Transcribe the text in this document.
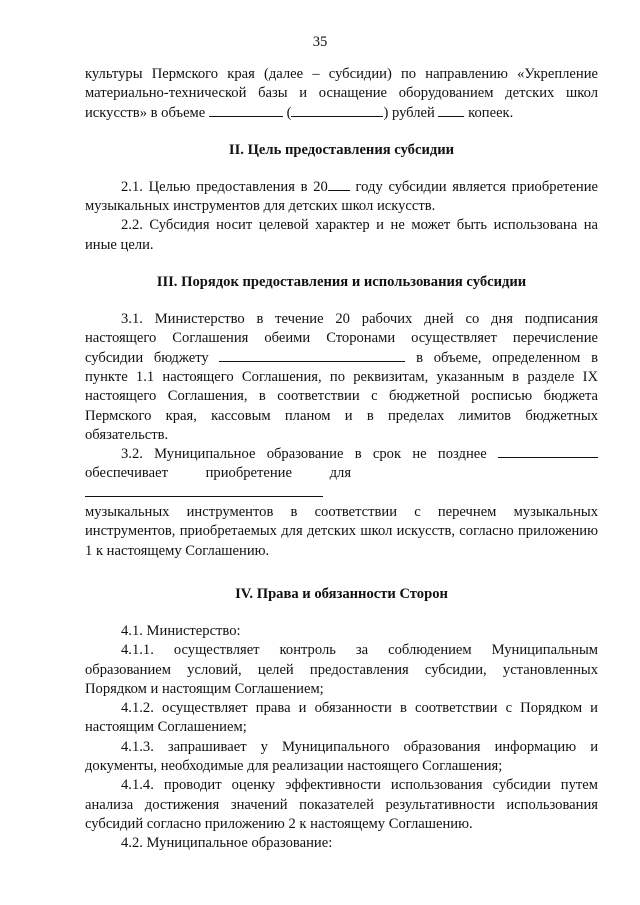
35

культуры Пермского края (далее – субсидии) по направлению «Укрепление
материально-технической базы и оснащение оборудованием детских школ
искусств» в объеме	(	) рублей копеек.

II. Цель предоставления субсидии

2.1. Целью предоставления в 20 году субсидии является приобретение музыкальных инструментов для детских школ искусств.

2.2. Субсидия носит целевой характер и не может быть использована на иные цели.

III. Порядок предоставления и использования субсидии

3.1. Министерство в течение 20 рабочих дней со дня подписания настоящего Соглашения обеими Сторонами осуществляет перечисление субсидии бюджету	в объеме, определенном в пункте 1.1 настоящего Соглашения, по реквизитам, указанным в разделе IX настоящего Соглашения, в соответствии с бюджетной росписью бюджета Пермского края, кассовым планом и в пределах лимитов бюджетных обязательств.

3.2. Муниципальное образование в срок не позднее
обеспечивает приобретение для
музыкальных инструментов в соответствии с перечнем музыкальных инструментов, приобретаемых для детских школ искусств, согласно приложению 1 к настоящему Соглашению.

IV. Права и обязанности Сторон

4.1. Министерство:

4.1.1. осуществляет контроль за соблюдением Муниципальным образованием условий, целей предоставления субсидии, установленных Порядком и настоящим Соглашением;

4.1.2. осуществляет права и обязанности в соответствии с Порядком и настоящим Соглашением;

4.1.3. запрашивает у Муниципального образования информацию и документы, необходимые для реализации настоящего Соглашения;

4.1.4. проводит оценку эффективности использования субсидии путем анализа достижения значений показателей результативности использования субсидий согласно приложению 2 к настоящему Соглашению.

4.2. Муниципальное образование:
